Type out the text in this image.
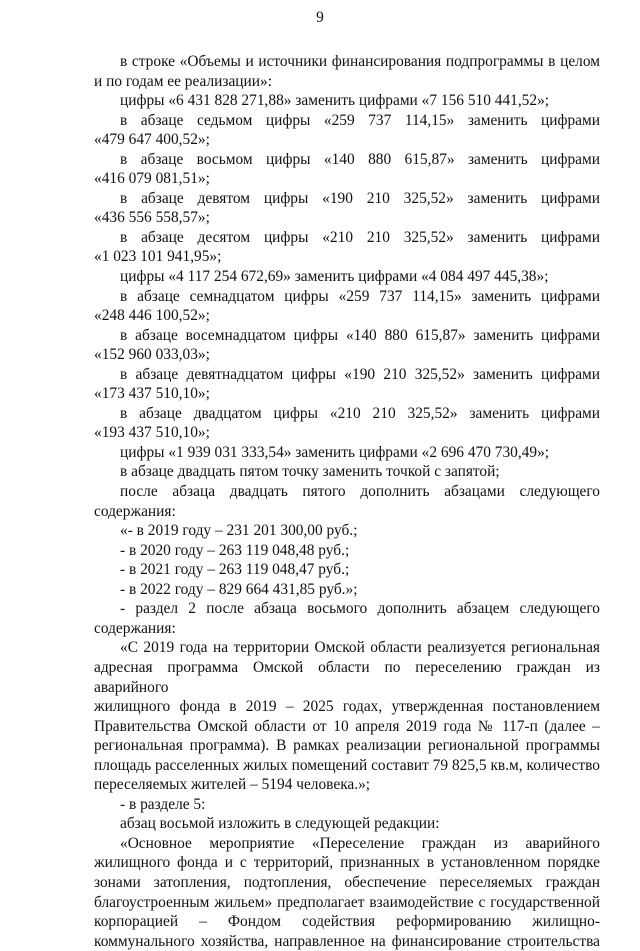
9

в строке «Объемы и источники финансирования подпрограммы в целом

и по годам ее реализации»:

цифры «6 431 828 271,88» заменить цифрами «7 156 510 441,52»;

в абзаце седьмом цифры «259 737 114,15» заменить цифрами

«479 647 400,52»;

в абзаце восьмом цифры «140 880 615,87» заменить цифрами

«416 079 081,51»;

в абзаце девятом цифры «190 210 325,52» заменить цифрами

«436 556 558,57»;

в абзаце десятом цифры «210 210 325,52» заменить цифрами

«1 023 101 941,95»;

цифры «4 117 254 672,69» заменить цифрами «4 084 497 445,38»;

в абзаце семнадцатом цифры «259 737 114,15» заменить цифрами

«248 446 100,52»;

в абзаце восемнадцатом цифры «140 880 615,87» заменить цифрами

«152 960 033,03»;

в абзаце девятнадцатом цифры «190 210 325,52» заменить цифрами

«173 437 510,10»;

в абзаце двадцатом цифры «210 210 325,52» заменить цифрами

«193 437 510,10»;

цифры «1 939 031 333,54» заменить цифрами «2 696 470 730,49»;

в абзаце двадцать пятом точку заменить точкой с запятой;

после абзаца двадцать пятого дополнить абзацами следующего

содержания:

«- в 2019 году – 231 201 300,00 руб.;

- в 2020 году – 263 119 048,48 руб.;

- в 2021 году – 263 119 048,47 руб.;

- в 2022 году – 829 664 431,85 руб.»;

- раздел 2 после абзаца восьмого дополнить абзацем следующего

содержания:

«С 2019 года на территории Омской области реализуется региональная

адресная программа Омской области по переселению граждан из аварийного

жилищного фонда в 2019 – 2025 годах, утвержденная постановлением

Правительства Омской области от 10 апреля 2019 года № 117-п (далее –

региональная программа). В рамках реализации региональной программы

площадь расселенных жилых помещений составит 79 825,5 кв.м, количество

переселяемых жителей – 5194 человека.»;

- в разделе 5:

абзац восьмой изложить в следующей редакции:

«Основное мероприятие «Переселение граждан из аварийного

жилищного фонда и с территорий, признанных в установленном порядке

зонами затопления, подтопления, обеспечение переселяемых граждан

благоустроенным жильем» предполагает взаимодействие с государственной

корпорацией – Фондом содействия реформированию жилищно-

коммунального хозяйства, направленное на финансирование строительства
